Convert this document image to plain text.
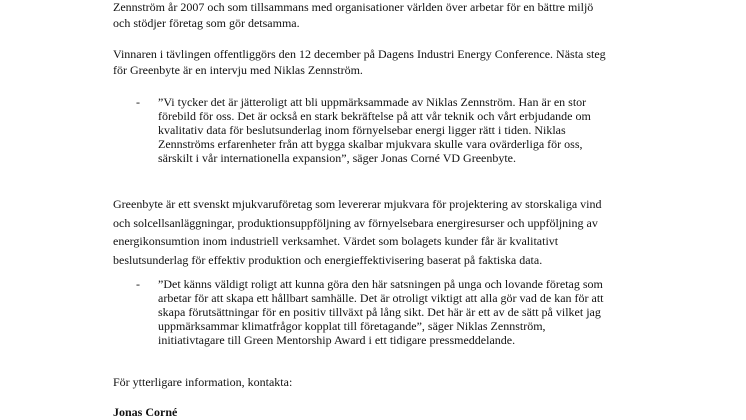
Zennström år 2007 och som tillsammans med organisationer världen över arbetar för en bättre miljö
och stödjer företag som gör detsamma.

Vinnaren i tävlingen offentliggörs den 12 december på Dagens Industri Energy Conference. Nästa steg
för Greenbyte är en intervju med Niklas Zennström.

- ”Vi tycker det är jätteroligt att bli uppmärksammade av Niklas Zennström. Han är en stor
förebild för oss. Det är också en stark bekräftelse på att vår teknik och vårt erbjudande om
kvalitativ data för beslutsunderlag inom förnyelsebar energi ligger rätt i tiden. Niklas
Zennströms erfarenheter från att bygga skalbar mjukvara skulle vara ovärderliga för oss,
särskilt i vår internationella expansion”, säger Jonas Corné VD Greenbyte.

Greenbyte är ett svenskt mjukvaruföretag som levererar mjukvara för projektering av storskaliga vind
och solcellsanläggningar, produktionsuppföljning av förnyelsebara energiresurser och uppföljning av
energikonsumtion inom industriell verksamhet. Värdet som bolagets kunder får är kvalitativt
beslutsunderlag för effektiv produktion och energieffektivisering baserat på faktiska data.

- ”Det känns väldigt roligt att kunna göra den här satsningen på unga och lovande företag som
arbetar för att skapa ett hållbart samhälle. Det är otroligt viktigt att alla gör vad de kan för att
skapa förutsättningar för en positiv tillväxt på lång sikt. Det här är ett av de sätt på vilket jag
uppmärksammar klimatfrågor kopplat till företagande”, säger Niklas Zennström,
initiativtagare till Green Mentorship Award i ett tidigare pressmeddelande.

För ytterligare information, kontakta:

Jonas Corné
